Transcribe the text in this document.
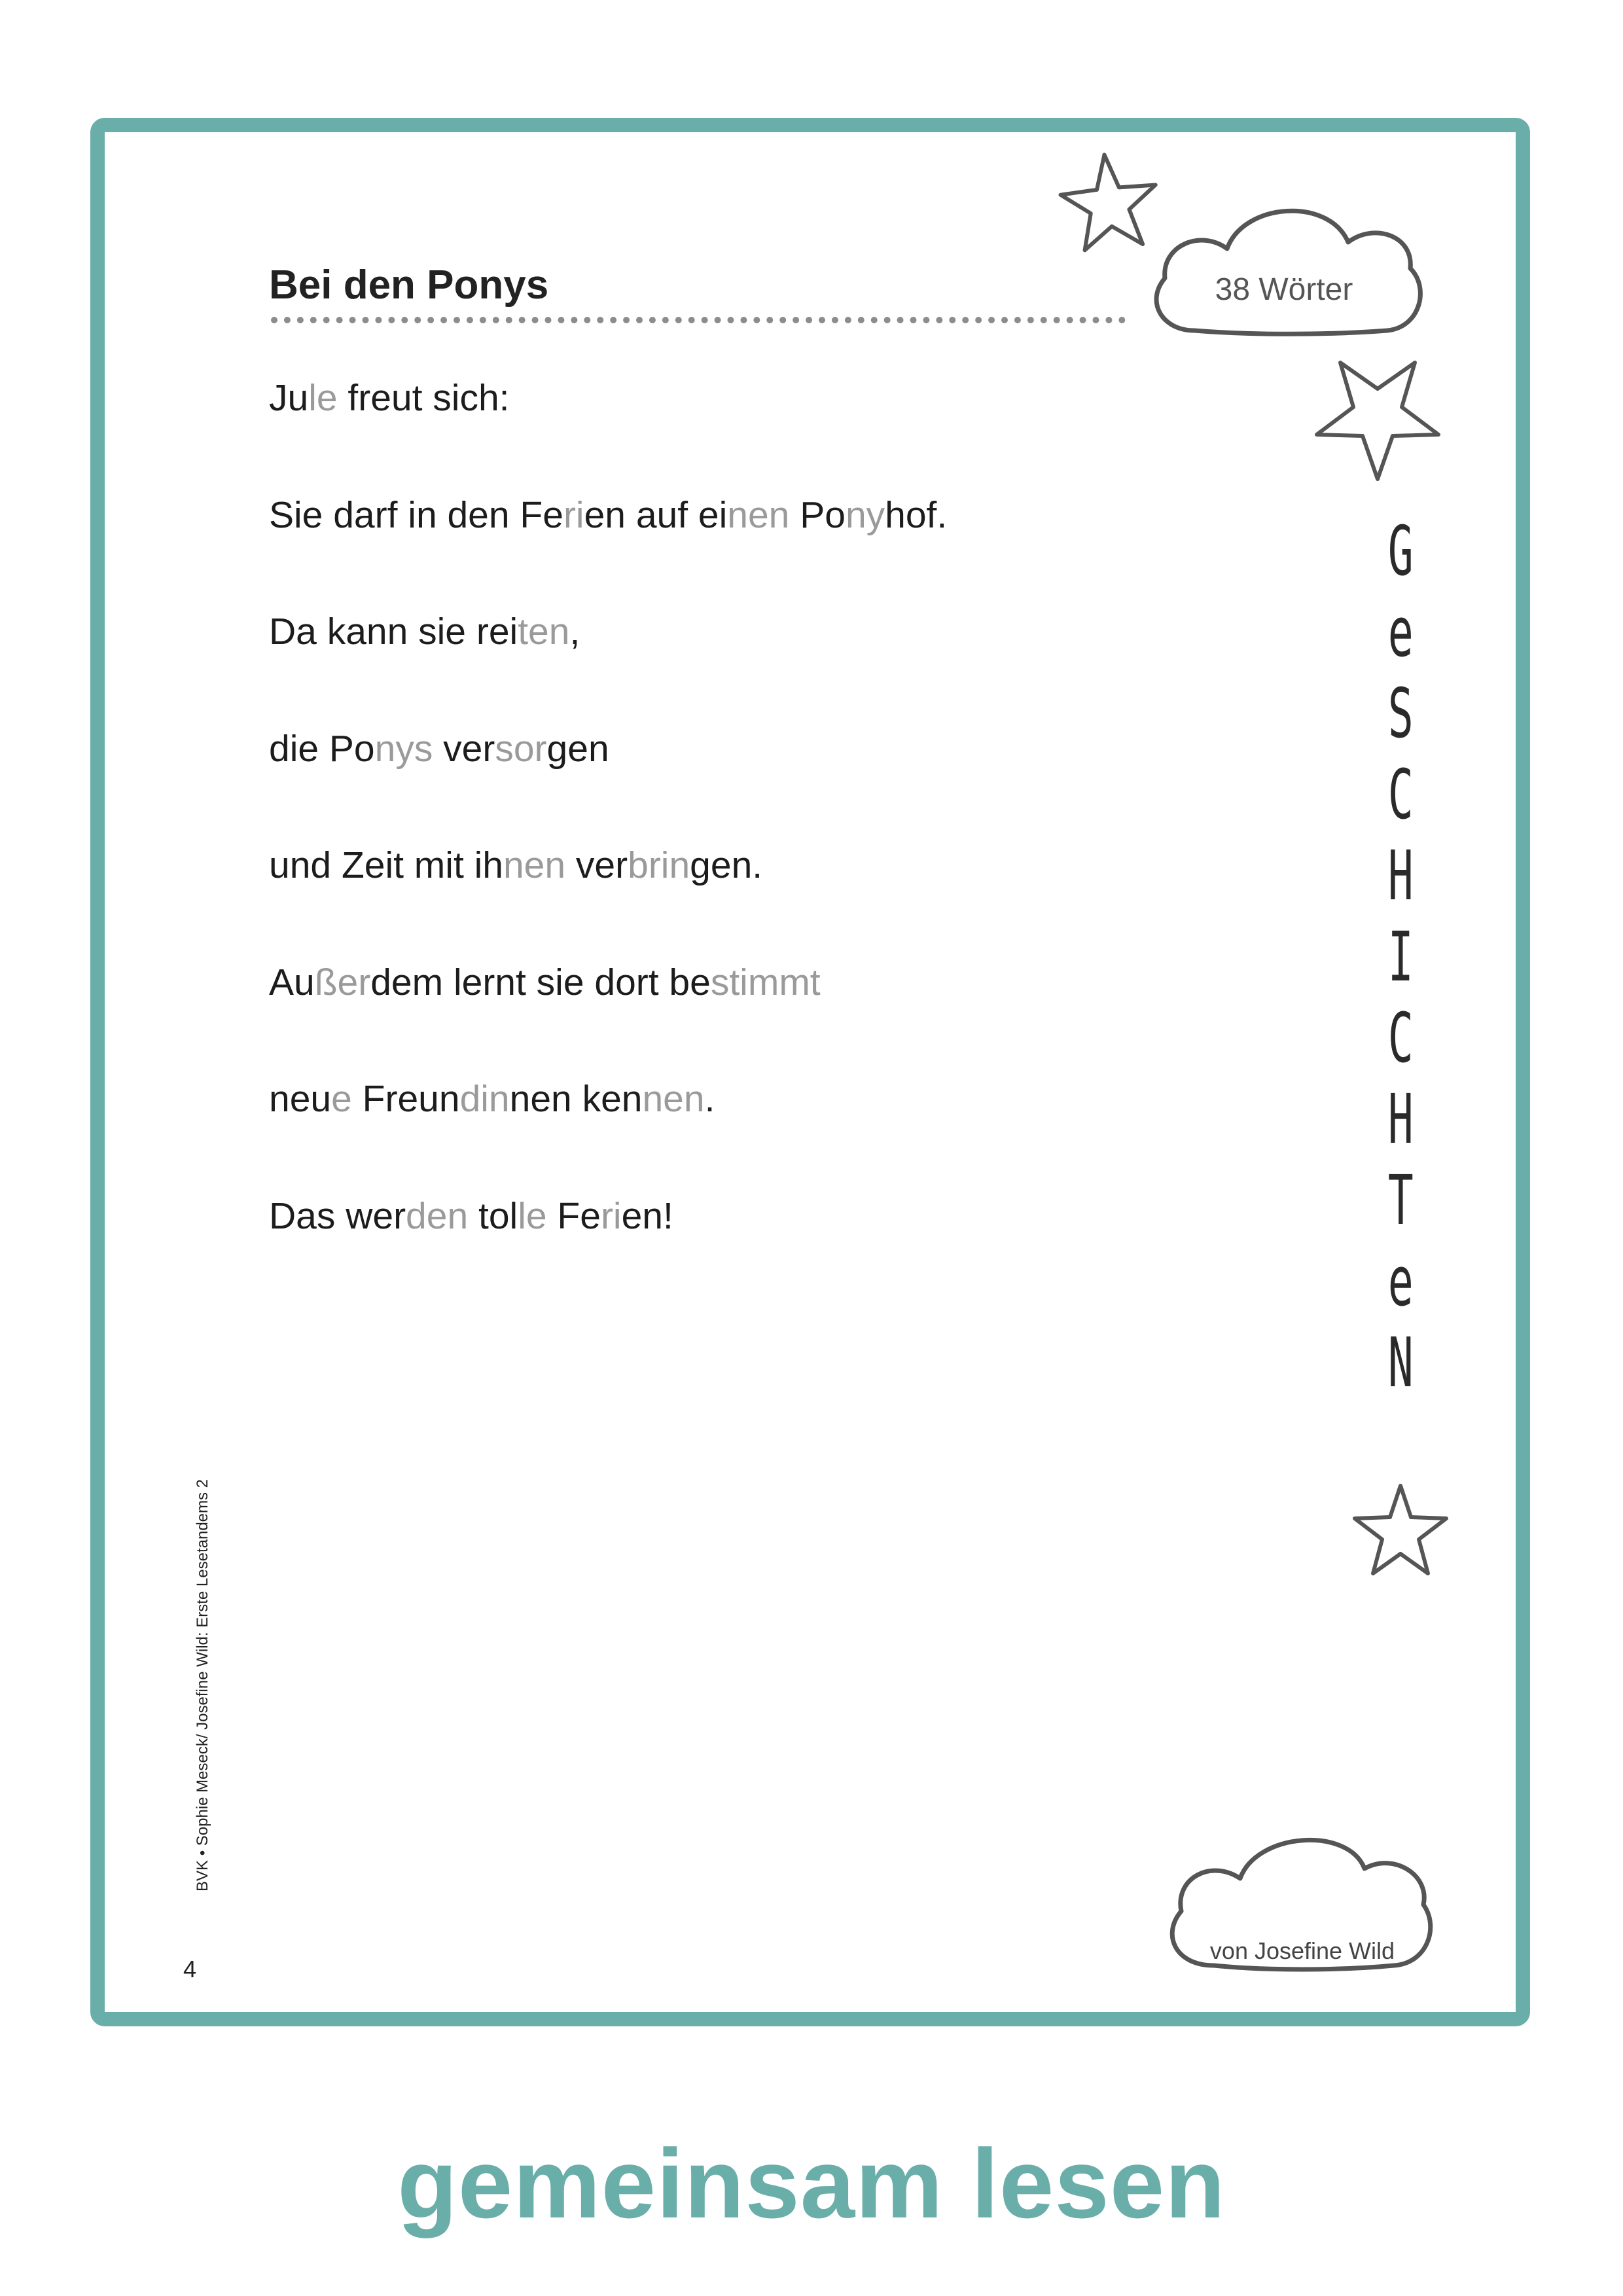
Bei den Ponys	38 Wörter

Jule freut sich:

Sie darf in den Ferien auf einen Ponyhof.

Da kann sie reiten,

die Ponys versorgen

und Zeit mit ihnen verbringen.

Außerdem lernt sie dort bestimmt

neue Freundinnen kennen.

Das werden tolle Ferien!

G
e
S
C
H
I
C
H
T
e
N
von Josefine Wild
BVK • Sophie Meseck/ Josefine Wild: Erste Lesetandems 2
4
gemeinsam lesen
